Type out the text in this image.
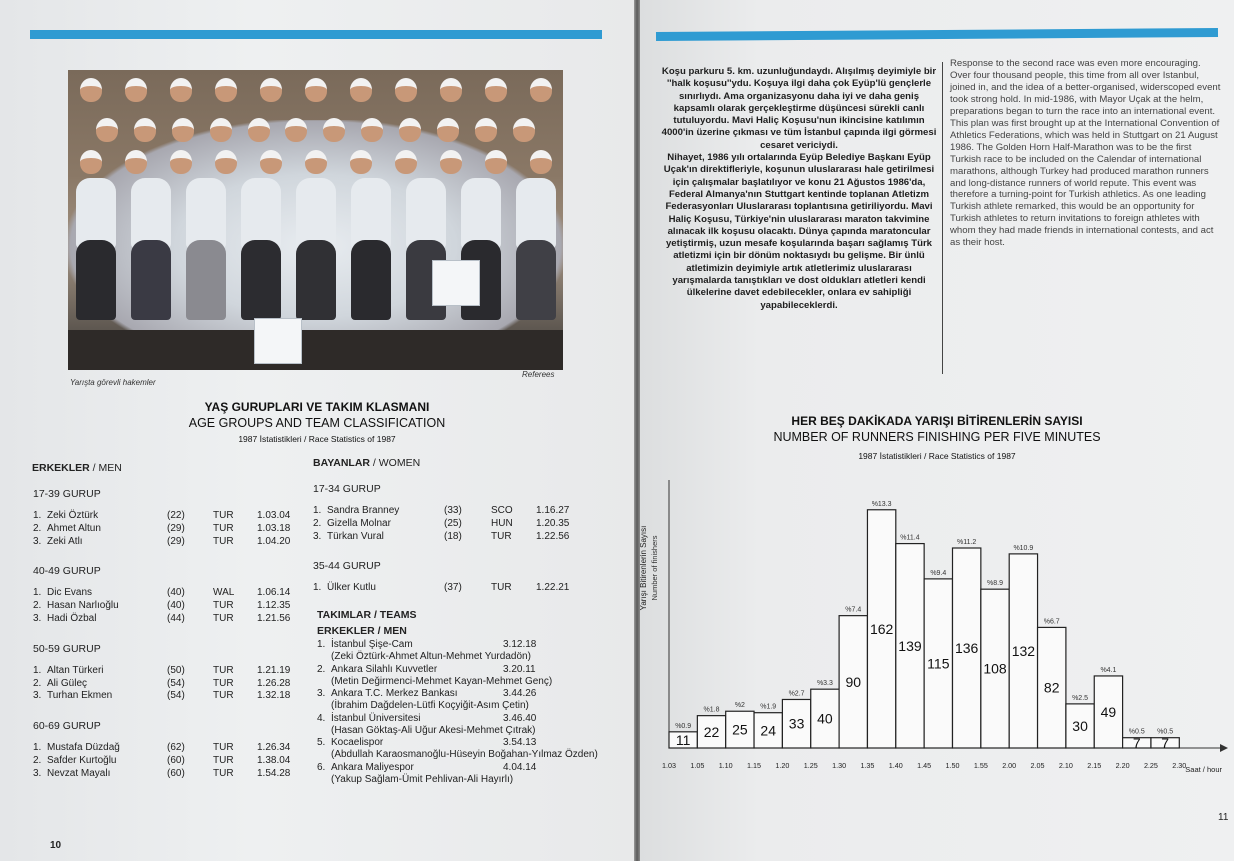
Yarışta görevli hakemler
Referees
YAŞ GURUPLARI VE TAKIM KLASMANI
AGE GROUPS AND TEAM CLASSIFICATION
1987 İstatistikleri / Race Statistics of 1987
ERKEKLER / MEN
17-39 GURUP
1. Zeki Öztürk	(22)	TUR 1.03.04
2. Ahmet Altun	(29)	TUR 1.03.18
3. Zeki Atlı	(29)	TUR 1.04.20
40-49 GURUP
1. Dic Evans	(40)	WAL 1.06.14
2. Hasan Narlıoğlu	(40)	TUR 1.12.35
3. Hadi Özbal	(44)	TUR 1.21.56
50-59 GURUP
1. Altan Türkeri	(50)	TUR 1.21.19
2. Ali Güleç	(54)	TUR 1.26.28
3. Turhan Ekmen	(54)	TUR 1.32.18
60-69 GURUP
1. Mustafa Düzdağ	(62)	TUR 1.26.34
2. Safder Kurtoğlu	(60)	TUR 1.38.04
3. Nevzat Mayalı	(60)	TUR 1.54.28
BAYANLAR / WOMEN
17-34 GURUP
1. Sandra Branney	(33)	SCO 1.16.27
2. Gizella Molnar	(25)	HUN 1.20.35
3. Türkan Vural	(18)	TUR 1.22.56
35-44 GURUP
1. Ülker Kutlu	(37)	TUR 1.22.21
TAKIMLAR / TEAMS
ERKEKLER / MEN
1. İstanbul Şişe-Cam	3.12.18
(Zeki Öztürk-Ahmet Altun-Mehmet Yurdadön)
2. Ankara Silahlı Kuvvetler	3.20.11
(Metin Değirmenci-Mehmet Kayan-Mehmet Genç)
3. Ankara T.C. Merkez Bankası	3.44.26
(İbrahim Dağdelen-Lütfi Koçyiğit-Asım Çetin)
4. İstanbul Üniversitesi	3.46.40
(Hasan Göktaş-Ali Uğur Akesi-Mehmet Çıtrak)
5. Kocaelispor	3.54.13
(Abdullah Karaosmanoğlu-Hüseyin Boğahan-Yılmaz Özden)
6. Ankara Maliyespor	4.04.14
(Yakup Sağlam-Ümit Pehlivan-Ali Hayırlı)
10

Koşu parkuru 5. km. uzunluğundaydı. Alışılmış deyimiyle bir ''halk koşusu''ydu. Koşuya ilgi daha çok Eyüp'lü gençlerle sınırlıydı. Ama organizasyonu daha iyi ve daha geniş kapsamlı olarak gerçekleştirme düşüncesi sürekli canlı tutuluyordu. Mavi Haliç Koşusu'nun ikincisine katılımın 4000'in üzerine çıkması ve tüm İstanbul çapında ilgi görmesi cesaret vericiydi.

Nihayet, 1986 yılı ortalarında Eyüp Belediye Başkanı Eyüp Uçak'ın direktifleriyle, koşunun uluslararası hale getirilmesi için çalışmalar başlatılıyor ve konu 21 Ağustos 1986'da, Federal Almanya'nın Stuttgart kentinde toplanan Atletizm Federasyonları Uluslararası toplantısına getiriliyordu. Mavi Haliç Koşusu, Türkiye'nin uluslararası maraton takvimine alınacak ilk koşusu olacaktı. Dünya çapında maratoncular yetiştirmiş, uzun mesafe koşularında başarı sağlamış Türk atletizmi için bir dönüm noktasıydı bu gelişme. Bir ünlü atletimizin deyimiyle artık atletlerimiz uluslararası yarışmalarda tanıştıkları ve dost oldukları atletleri kendi ülkelerine davet edebilecekler, onlara ev sahipliği yapabileceklerdi.

Response to the second race was even more encouraging. Over four thousand people, this time from all over Istanbul, joined in, and the idea of a better-organised, widerscoped event took strong hold. In mid-1986, with Mayor Uçak at the helm, preparations began to turn the race into an international event. This plan was first brought up at the International Convention of Athletics Federations, which was held in Stuttgart on 21 August 1986. The Golden Horn Half-Marathon was to be the first Turkish race to be included on the Calendar of international marathons, although Turkey had produced marathon runners and long-distance runners of world repute. This event was therefore a turning-point for Turkish athletics. As one leading Turkish athlete remarked, this would be an opportunity for Turkish athletes to return invitations to foreign athletes with whom they had made friends in international contests, and act as their host.
HER BEŞ DAKİKADA YARIŞI BİTİRENLERİN SAYISI
NUMBER OF RUNNERS FINISHING PER FIVE MINUTES
1987 İstatistikleri / Race Statistics of 1987
Yarışı Bitirenlerin Sayısı Number of finishers
11
%0.9 22
%1.8
25
%2
24
%1.9
33
%2.7
40
%3.3 90
%7.4
162
%13.3
139
%11.4
115
%9.4
136
%11.2
108
%8.9
132
%10.9
82
%6.7
30
%2.5
49
%4.1
7
%0.5
7
%0.5
1.03 1.05 1.10 1.15 1.20 1.25 1.30 1.35 1.40 1.45 1.50 1.55 2.00 2.05 2.10 2.15 2.20 2.25 2.30
Saat / hour
11
